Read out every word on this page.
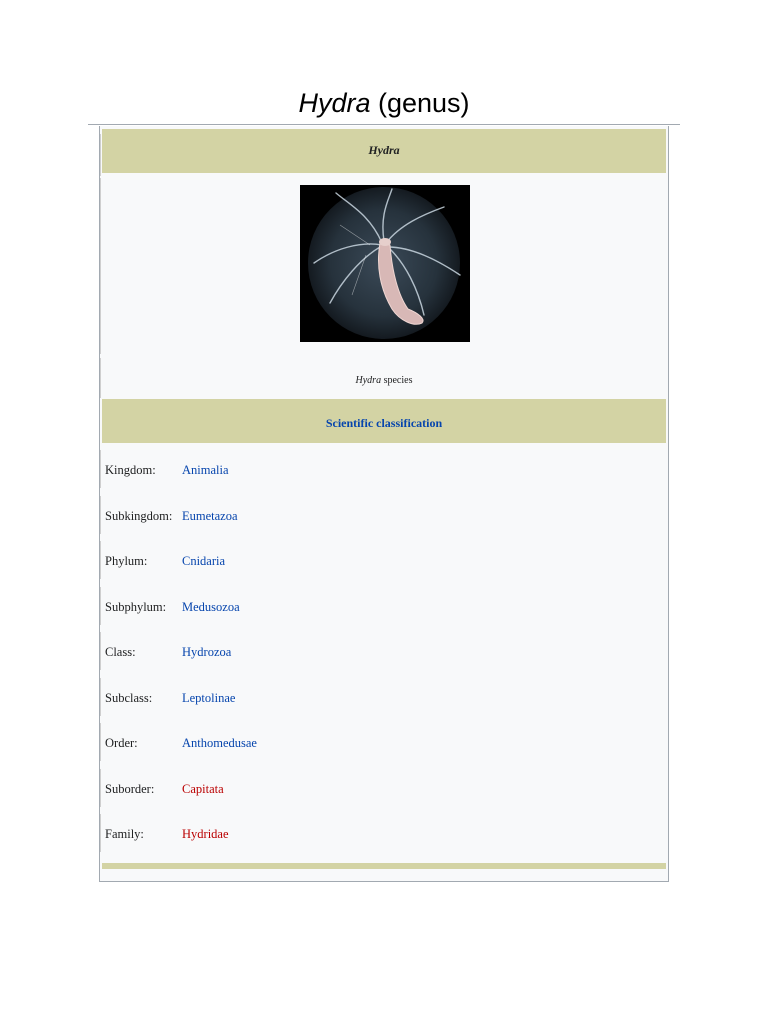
Hydra (genus)
Hydra
Hydra species
Scientific classification
Kingdom: Animalia
Subkingdom: Eumetazoa
Phylum:	Cnidaria
Subphylum: Medusozoa
Class:	Hydrozoa
Subclass: Leptolinae
Order:	Anthomedusae
Suborder: Capitata
Family:	Hydridae
